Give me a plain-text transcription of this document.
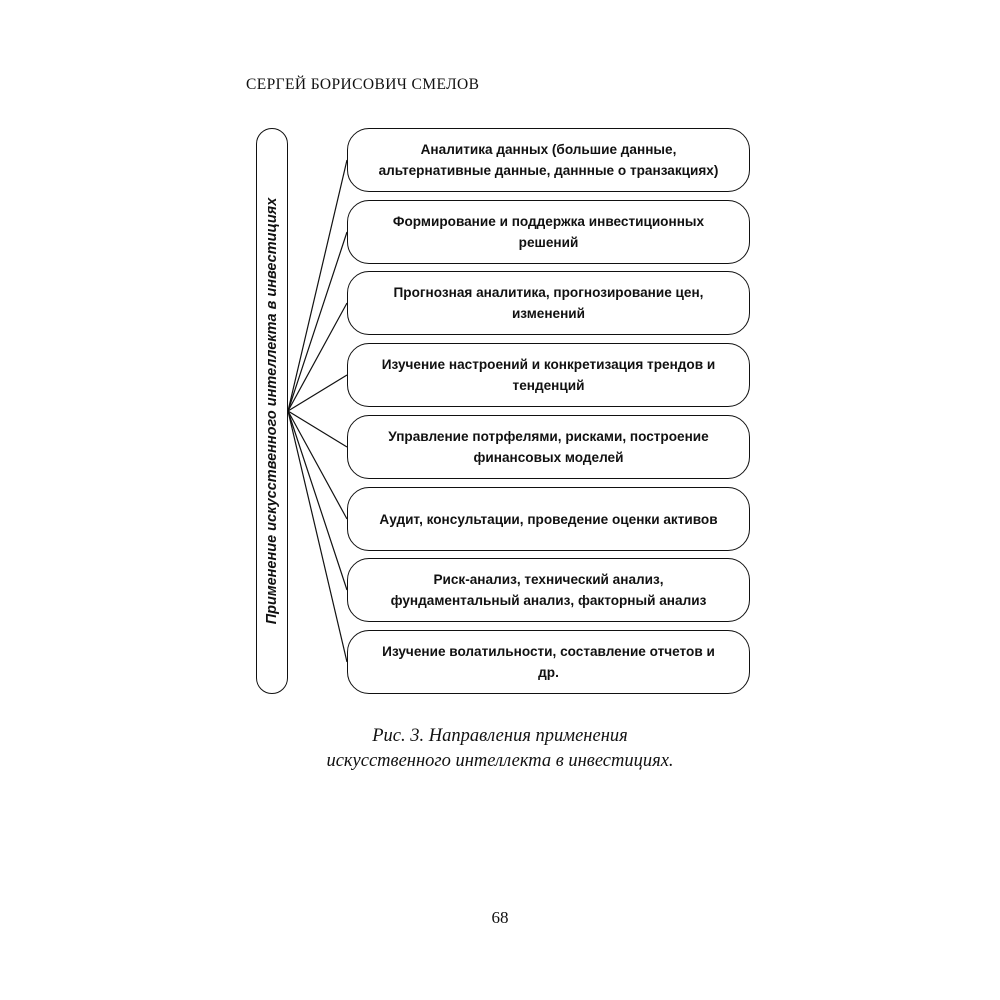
СЕРГЕЙ БОРИСОВИЧ СМЕЛОВ
Применение искусственного интеллекта в инвестициях
Аналитика данных (большие данные,
альтернативные данные, даннные о транзакциях)
Формирование и поддержка инвестиционных
решений
Прогнозная аналитика, прогнозирование цен,
изменений
Изучение настроений и конкретизация трендов и
тенденций
Управление потрфелями, рисками, построение
финансовых моделей
Аудит, консультации, проведение оценки активов
Риск-анализ, технический анализ,
фундаментальный анализ, факторный анализ
Изучение волатильности, составление отчетов и
др.
Рис. 3. Направления применения
искусственного интеллекта в инвестициях.
68
